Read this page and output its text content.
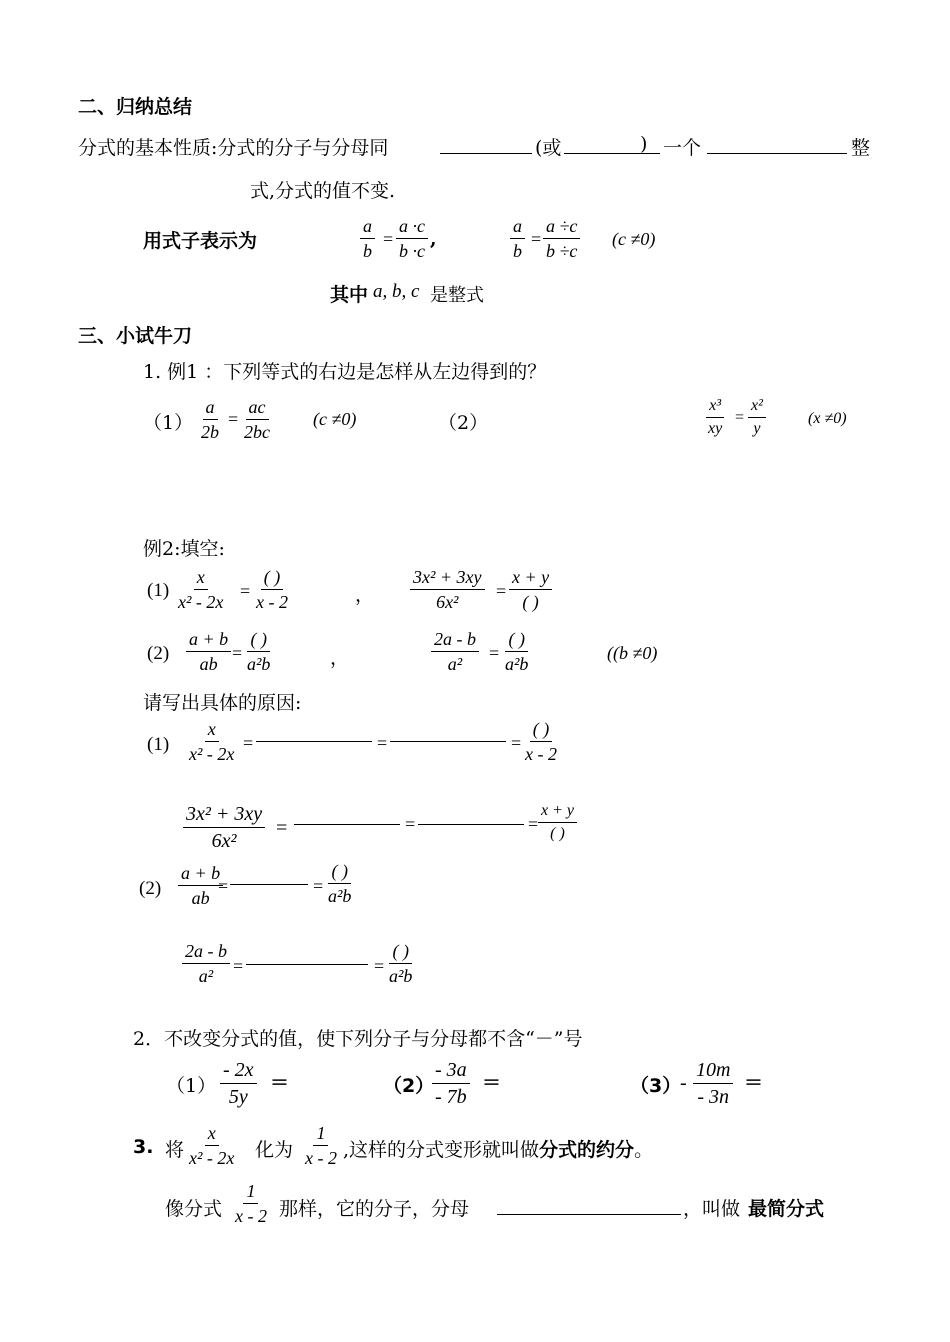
二、归纳总结
分式的基本性质:分式的分子与分母同	(或	) 一个	整
式,分式的值不变.
用式子表示为	$\frac{a}{b} = \frac{a \cdot c}{b \cdot c}$ ,	$\frac{a}{b} = \frac{a \div c}{b \div c} (c \ne 0)$
其中 a, b, c 是整式
三、小试牛刀
1. 例1 ：下列等式的右边是怎样从左边得到的？
$(1) \frac{a}{2b} = \frac{ac}{2bc} (c \ne 0)$	（2）	$\frac{\text{x³}}{xy} = \frac{\text{x²}}{y}$	(x ≠0)
例2:填空:
$(1) \frac{x}{\text{x² - 2x}}$ =
( )
x - 2	， $\frac{\text{3x² + 3xy}}{\text{6x²}}$ =
x + y
( )
$(2) \frac{a + b}{ab}$ =
( )
a²b	，	$\frac{2a - b}{\text{a²}}$ =
( )
a²b
((b ≠0)
请写出具体的原因:
$(1) \frac{x}{\text{x² - 2x}}$ =	=	=
( )
x - 2
$\frac{\text{3x² + 3xy}}{\text{6x²}}$ =	=	=
x + y
( )
$(2) \frac{a + b}{ab}$
=	=
( )
a²b
$\frac{2a - b}{\text{a²}}$ =	=
( )
a²b
2．不改变分式的值，使下列分子与分母都不含“－”号
$(1) \frac{- 2x}{5y}$ ＝	（2）
$\frac{- 3a}{- 7b}$ ＝	（3）
- $\frac{10m}{- 3n}$ ＝
3. 将 $\frac{x}{\text{x² - 2x}}$ 化为 $\frac{1}{x - 2}$ ,这样的分式变形就叫做分式的约分。
像分式 $\frac{1}{x - 2}$ 那样，它的分子，分母	，叫做 最简分式
